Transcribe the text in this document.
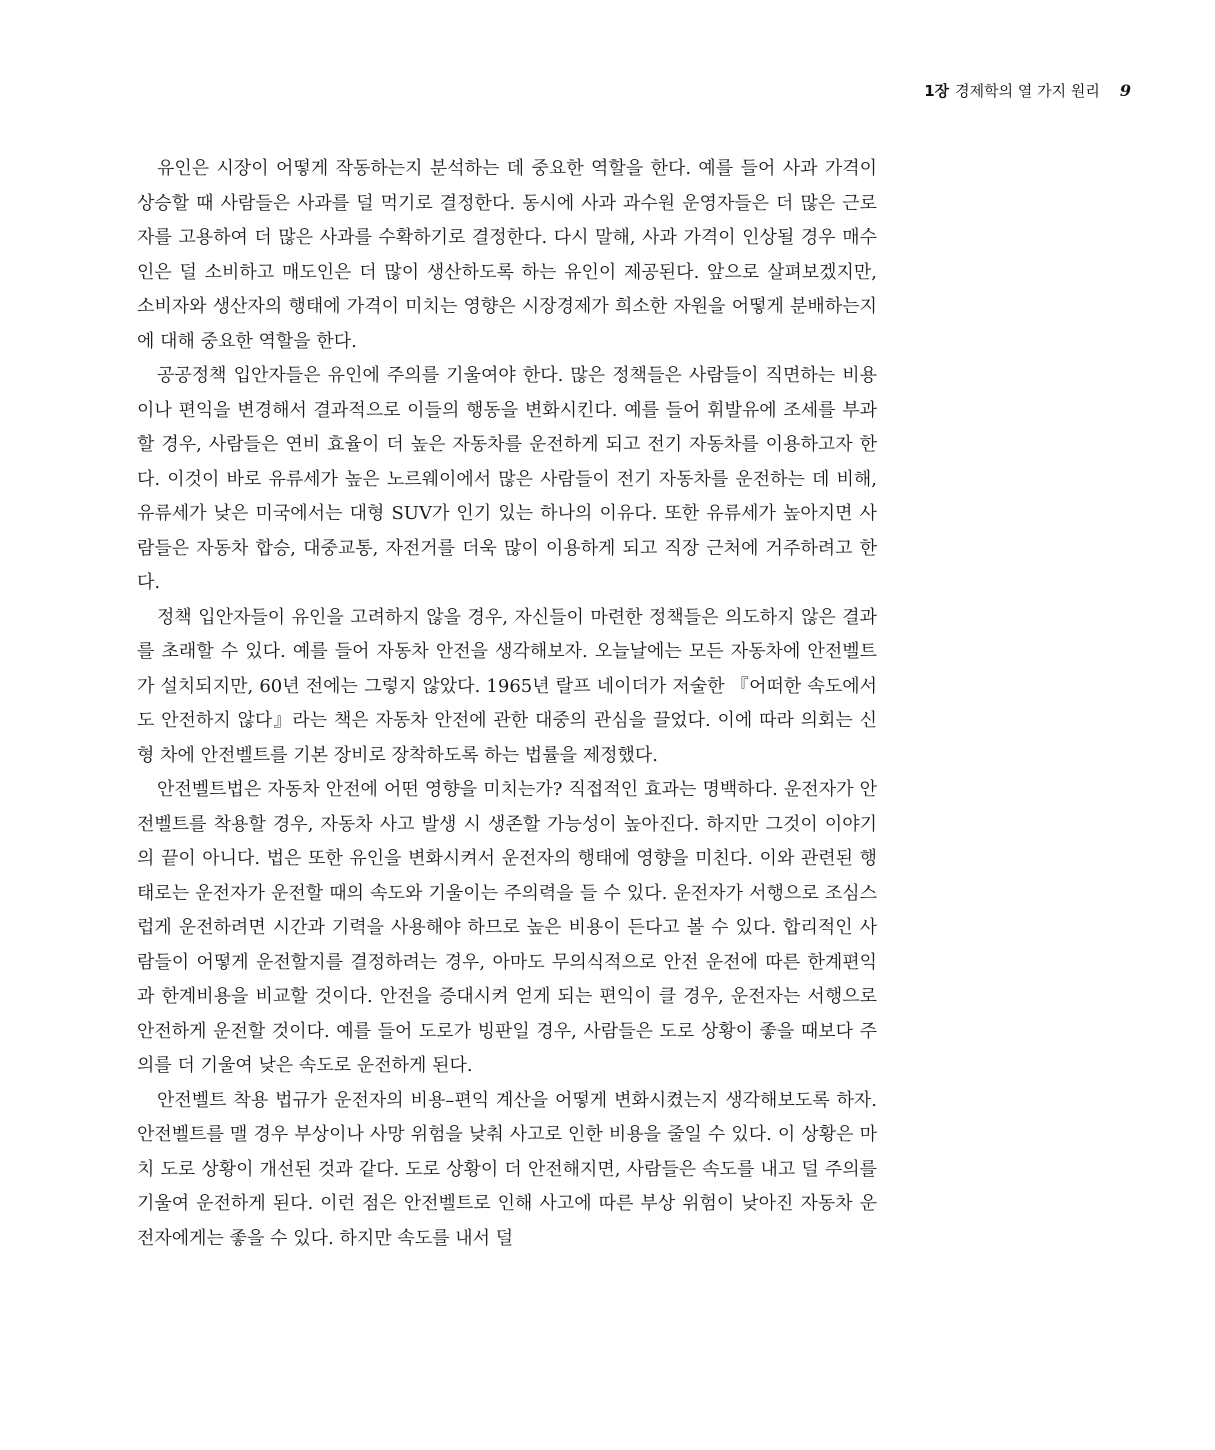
1장 경제학의 열 가지 원리 9

유인은 시장이 어떻게 작동하는지 분석하는 데 중요한 역할을 한다. 예를 들어 사과 가격이 상승할 때 사람들은 사과를 덜 먹기로 결정한다. 동시에 사과 과수원 운영자들은 더 많은 근로자를 고용하여 더 많은 사과를 수확하기로 결정한다. 다시 말해, 사과 가격이 인상될 경우 매수인은 덜 소비하고 매도인은 더 많이 생산하도록 하는 유인이 제공된다. 앞으로 살펴보겠지만, 소비자와 생산자의 행태에 가격이 미치는 영향은 시장경제가 희소한 자원을 어떻게 분배하는지에 대해 중요한 역할을 한다.

공공정책 입안자들은 유인에 주의를 기울여야 한다. 많은 정책들은 사람들이 직면하는 비용이나 편익을 변경해서 결과적으로 이들의 행동을 변화시킨다. 예를 들어 휘발유에 조세를 부과할 경우, 사람들은 연비 효율이 더 높은 자동차를 운전하게 되고 전기 자동차를 이용하고자 한다. 이것이 바로 유류세가 높은 노르웨이에서 많은 사람들이 전기 자동차를 운전하는 데 비해, 유류세가 낮은 미국에서는 대형 SUV가 인기 있는 하나의 이유다. 또한 유류세가 높아지면 사람들은 자동차 합승, 대중교통, 자전거를 더욱 많이 이용하게 되고 직장 근처에 거주하려고 한다.

정책 입안자들이 유인을 고려하지 않을 경우, 자신들이 마련한 정책들은 의도하지 않은 결과를 초래할 수 있다. 예를 들어 자동차 안전을 생각해보자. 오늘날에는 모든 자동차에 안전벨트가 설치되지만, 60년 전에는 그렇지 않았다. 1965년 랄프 네이더가 저술한 『어떠한 속도에서도 안전하지 않다』라는 책은 자동차 안전에 관한 대중의 관심을 끌었다. 이에 따라 의회는 신형 차에 안전벨트를 기본 장비로 장착하도록 하는 법률을 제정했다.

안전벨트법은 자동차 안전에 어떤 영향을 미치는가? 직접적인 효과는 명백하다. 운전자가 안전벨트를 착용할 경우, 자동차 사고 발생 시 생존할 가능성이 높아진다. 하지만 그것이 이야기의 끝이 아니다. 법은 또한 유인을 변화시켜서 운전자의 행태에 영향을 미친다. 이와 관련된 행태로는 운전자가 운전할 때의 속도와 기울이는 주의력을 들 수 있다. 운전자가 서행으로 조심스럽게 운전하려면 시간과 기력을 사용해야 하므로 높은 비용이 든다고 볼 수 있다. 합리적인 사람들이 어떻게 운전할지를 결정하려는 경우, 아마도 무의식적으로 안전 운전에 따른 한계편익과 한계비용을 비교할 것이다. 안전을 증대시켜 얻게 되는 편익이 클 경우, 운전자는 서행으로 안전하게 운전할 것이다. 예를 들어 도로가 빙판일 경우, 사람들은 도로 상황이 좋을 때보다 주의를 더 기울여 낮은 속도로 운전하게 된다.

안전벨트 착용 법규가 운전자의 비용–편익 계산을 어떻게 변화시켰는지 생각해보도록 하자. 안전벨트를 맬 경우 부상이나 사망 위험을 낮춰 사고로 인한 비용을 줄일 수 있다. 이 상황은 마치 도로 상황이 개선된 것과 같다. 도로 상황이 더 안전해지면, 사람들은 속도를 내고 덜 주의를 기울여 운전하게 된다. 이런 점은 안전벨트로 인해 사고에 따른 부상 위험이 낮아진 자동차 운전자에게는 좋을 수 있다. 하지만 속도를 내서 덜
